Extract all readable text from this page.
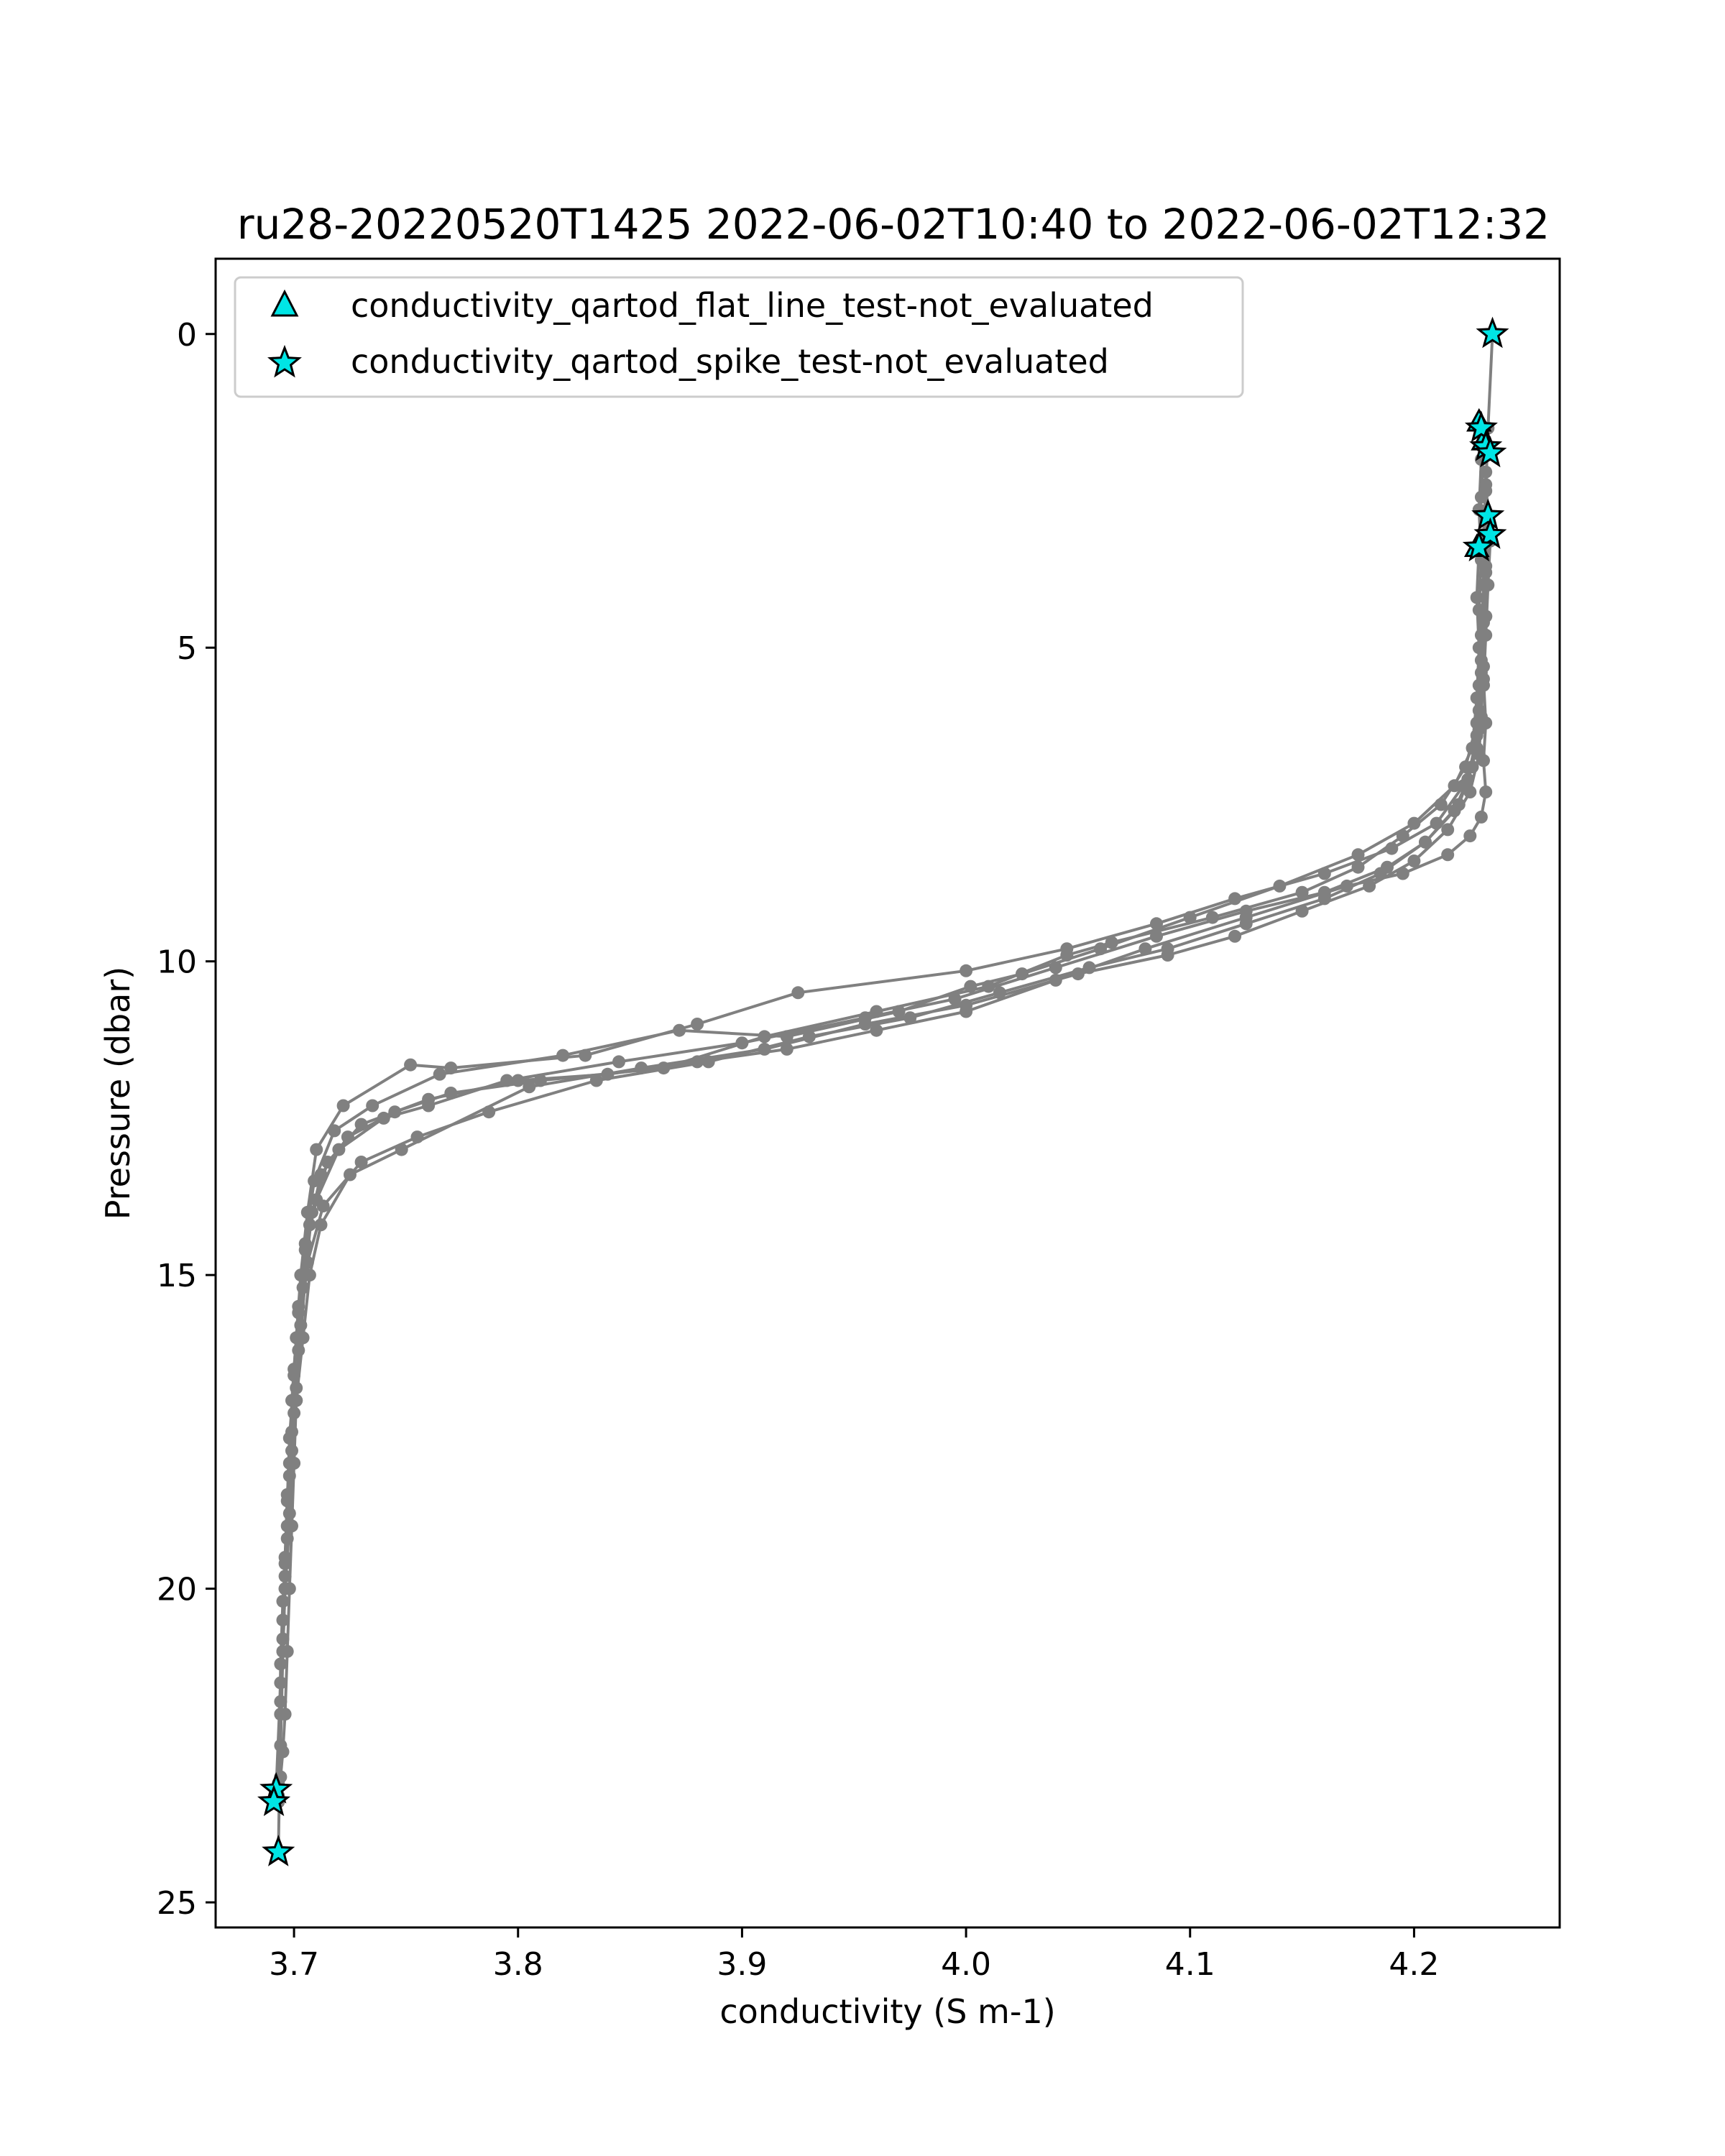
ru28-20220520T1425 2022-06-02T10:40 to 2022-06-02T12:32
3.7	3.8	3.9	4.0	4.1	4.2
0
5
10
15
20
25
conductivity (S m-1)
Pressure (dbar)
conductivity_qartod_flat_line_test-not_evaluated
conductivity_qartod_spike_test-not_evaluated
